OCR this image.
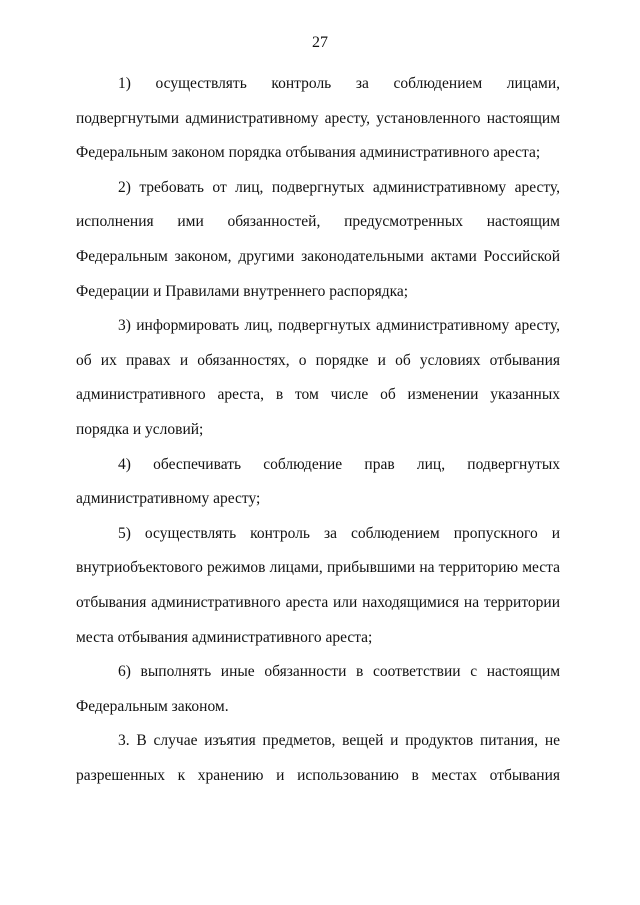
27

1) осуществлять контроль за соблюдением лицами, подвергнутыми административному аресту, установленного настоящим Федеральным законом порядка отбывания административного ареста;

2) требовать от лиц, подвергнутых административному аресту, исполнения ими обязанностей, предусмотренных настоящим Федеральным законом, другими законодательными актами Российской Федерации и Правилами внутреннего распорядка;

3) информировать лиц, подвергнутых административному аресту, об их правах и обязанностях, о порядке и об условиях отбывания административного ареста, в том числе об изменении указанных порядка и условий;

4) обеспечивать соблюдение прав лиц, подвергнутых административному аресту;

5) осуществлять контроль за соблюдением пропускного и внутриобъектового режимов лицами, прибывшими на территорию места отбывания административного ареста или находящимися на территории места отбывания административного ареста;

6) выполнять иные обязанности в соответствии с настоящим Федеральным законом.

3. В случае изъятия предметов, вещей и продуктов питания, не разрешенных к хранению и использованию в местах отбывания
